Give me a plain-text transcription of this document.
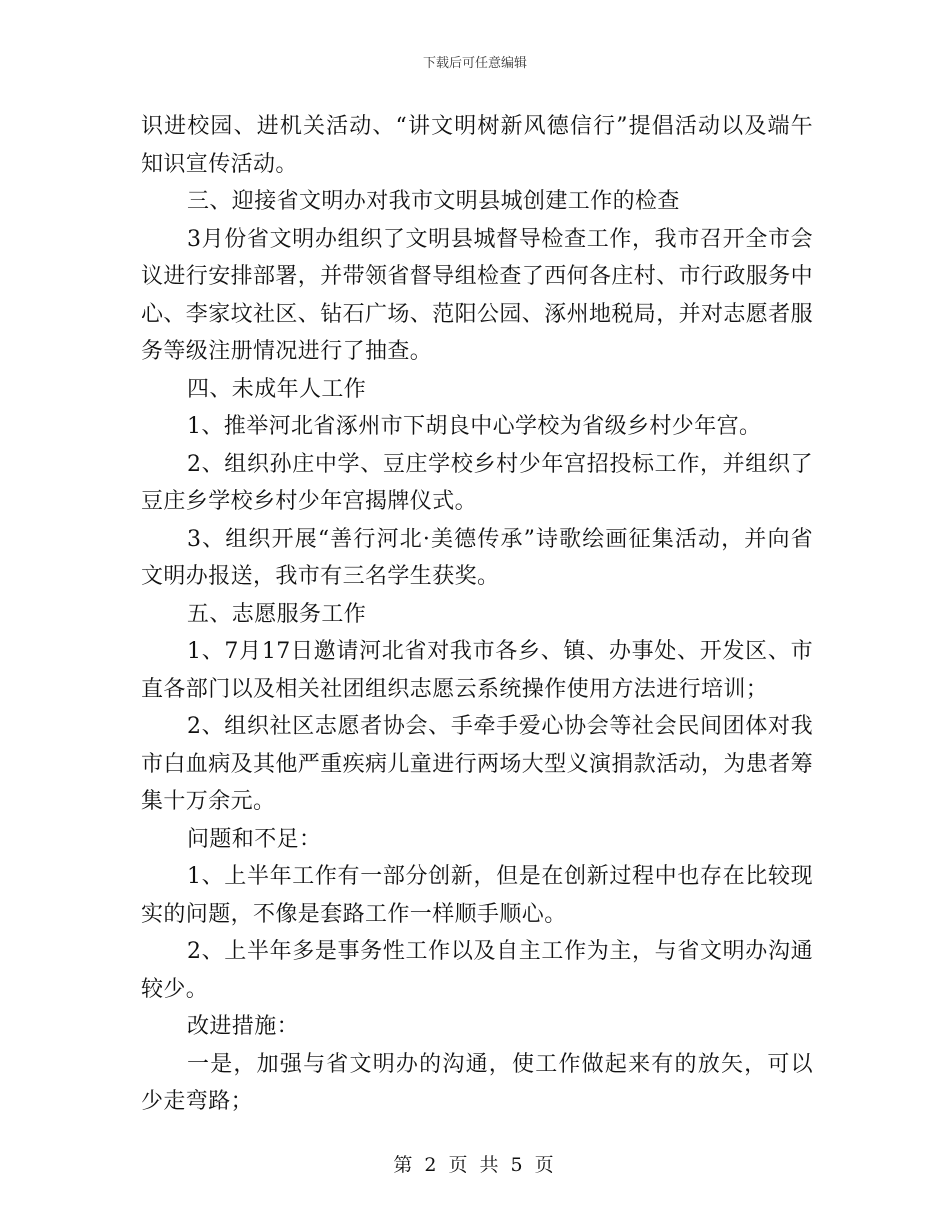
下载后可任意编辑

识进校园、进机关活动、“讲文明树新风德信行”提倡活动以及端午知识宣传活动。

三、迎接省文明办对我市文明县城创建工作的检查

3月份省文明办组织了文明县城督导检查工作，我市召开全市会议进行安排部署，并带领省督导组检查了西何各庄村、市行政服务中心、李家坟社区、钻石广场、范阳公园、涿州地税局，并对志愿者服务等级注册情况进行了抽查。

四、未成年人工作

1、推举河北省涿州市下胡良中心学校为省级乡村少年宫。

2、组织孙庄中学、豆庄学校乡村少年宫招投标工作，并组织了豆庄乡学校乡村少年宫揭牌仪式。

3、组织开展“善行河北·美德传承”诗歌绘画征集活动，并向省文明办报送，我市有三名学生获奖。

五、志愿服务工作

1、7月17日邀请河北省对我市各乡、镇、办事处、开发区、市直各部门以及相关社团组织志愿云系统操作使用方法进行培训；

2、组织社区志愿者协会、手牵手爱心协会等社会民间团体对我市白血病及其他严重疾病儿童进行两场大型义演捐款活动，为患者筹集十万余元。

问题和不足：

1、上半年工作有一部分创新，但是在创新过程中也存在比较现实的问题，不像是套路工作一样顺手顺心。

2、上半年多是事务性工作以及自主工作为主，与省文明办沟通较少。

改进措施：

一是，加强与省文明办的沟通，使工作做起来有的放矢，可以少走弯路；

第 2 页 共 5 页
